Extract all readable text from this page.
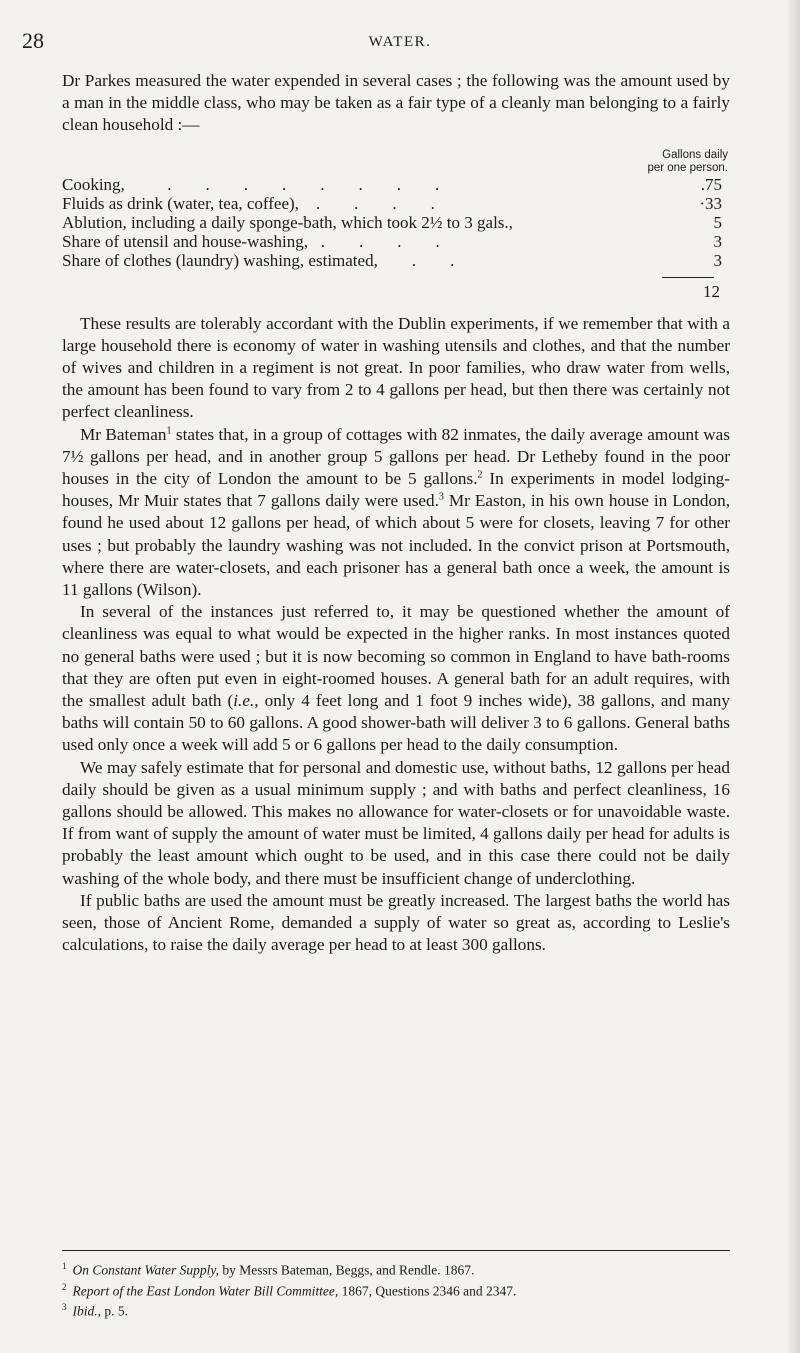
28	WATER.

Dr Parkes measured the water expended in several cases ; the following was the amount used by a man in the middle class, who may be taken as a fair type of a cleanly man belonging to a fairly clean household :—

Gallons daily
per one person.
Cooking,          .        .        .        .        .        .        .        .	.75
Fluids as drink (water, tea, coffee),    .        .        .        .	·33
Ablution, including a daily sponge-bath, which took 2½ to 3 gals.,	5
Share of utensil and house-washing,   .        .        .        .	3
Share of clothes (laundry) washing, estimated,        .        .	3
12

These results are tolerably accordant with the Dublin experiments, if we remember that with a large household there is economy of water in washing utensils and clothes, and that the number of wives and children in a regiment is not great. In poor families, who draw water from wells, the amount has been found to vary from 2 to 4 gallons per head, but then there was certainly not perfect cleanliness.

Mr Bateman$^1$ states that, in a group of cottages with 82 inmates, the daily average amount was 7½ gallons per head, and in another group 5 gallons per head. Dr Letheby found in the poor houses in the city of London the amount to be 5 gallons.$^2$ In experiments in model lodging-houses, Mr Muir states that 7 gallons daily were used.$^3$ Mr Easton, in his own house in London, found he used about 12 gallons per head, of which about 5 were for closets, leaving 7 for other uses ; but probably the laundry washing was not included. In the convict prison at Portsmouth, where there are water-closets, and each prisoner has a general bath once a week, the amount is 11 gallons (Wilson).

In several of the instances just referred to, it may be questioned whether the amount of cleanliness was equal to what would be expected in the higher ranks. In most instances quoted no general baths were used ; but it is now becoming so common in England to have bath-rooms that they are often put even in eight-roomed houses. A general bath for an adult requires, with the smallest adult bath (i.e., only 4 feet long and 1 foot 9 inches wide), 38 gallons, and many baths will contain 50 to 60 gallons. A good shower-bath will deliver 3 to 6 gallons. General baths used only once a week will add 5 or 6 gallons per head to the daily consumption.

We may safely estimate that for personal and domestic use, without baths, 12 gallons per head daily should be given as a usual minimum supply ; and with baths and perfect cleanliness, 16 gallons should be allowed. This makes no allowance for water-closets or for unavoidable waste. If from want of supply the amount of water must be limited, 4 gallons daily per head for adults is probably the least amount which ought to be used, and in this case there could not be daily washing of the whole body, and there must be insufficient change of underclothing.

If public baths are used the amount must be greatly increased. The largest baths the world has seen, those of Ancient Rome, demanded a supply of water so great as, according to Leslie's calculations, to raise the daily average per head to at least 300 gallons.

$^1$ On Constant Water Supply, by Messrs Bateman, Beggs, and Rendle. 1867.
$^2$ Report of the East London Water Bill Committee, 1867, Questions 2346 and 2347.
$^3$ Ibid., p. 5.
